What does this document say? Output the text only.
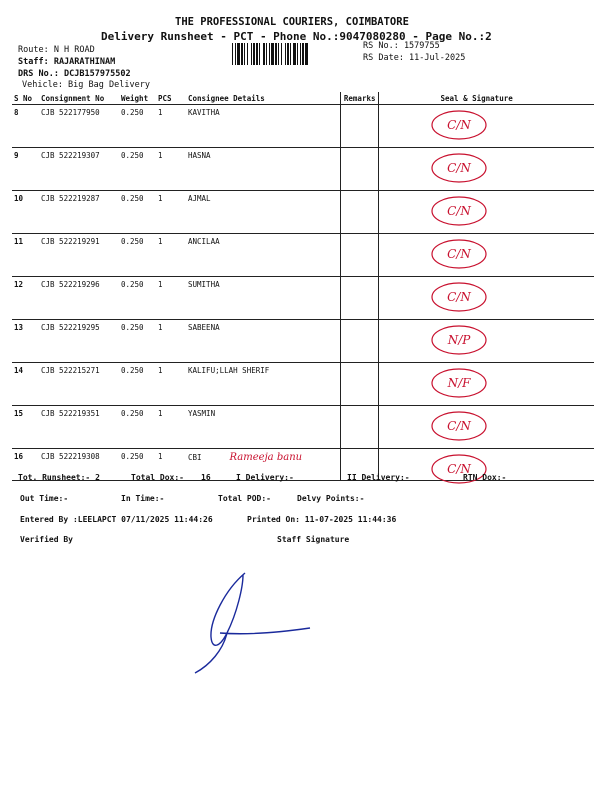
THE PROFESSIONAL COURIERS, COIMBATORE
Delivery Runsheet - PCT - Phone No.:9047080280 - Page No.:2
Route: N H ROAD
Staff: RAJARATHINAM
DRS No.: DCJB157975502
Vehicle: Big Bag Delivery
RS No.: 1579755
RS Date: 11-Jul-2025
S No	Consignment No	Weight	PCS	Consignee Details	Remarks	Seal & Signature
8	CJB 522177950	0.250	1	KAVITHA		C/N

9	CJB 522219307	0.250	1	HASNA		C/N

10	CJB 522219287	0.250	1	AJMAL		C/N

11	CJB 522219291	0.250	1	ANCILAA		C/N

12	CJB 522219296	0.250	1	SUMITHA		C/N

13	CJB 522219295	0.250	1	SABEENA		N/P

14	CJB 522215271	0.250	1	KALIFU;LLAH SHERIF		N/F

15	CJB 522219351	0.250	1	YASMIN		C/N

16	CJB 522219308	0.250	1	CBI Rameeja banu		C/N
Tot. Runsheet:- 2	Total Dox:- 16	I Delivery:-	II Delivery:-	RTN Dox:-
Out Time:-	In Time:-	Total POD:-	Delvy Points:-
Entered By :LEELAPCT 07/11/2025 11:44:26	Printed On: 11-07-2025 11:44:36
Verified By	Staff Signature
